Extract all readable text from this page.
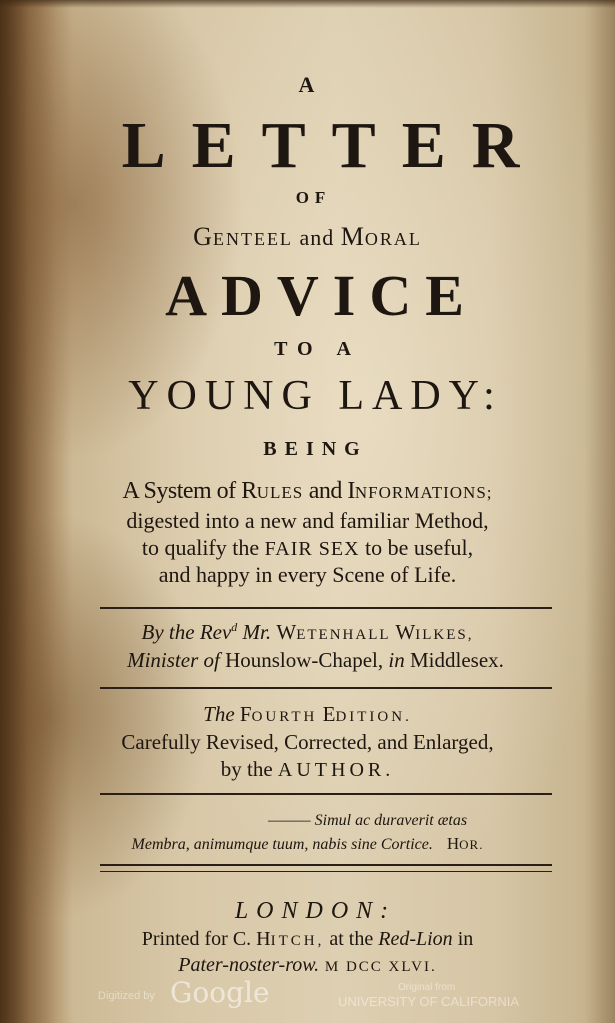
A
LETTER
OF
GENTEEL and MORAL
ADVICE
TO A
YOUNG LADY:
BEING
A System of RULES and INFORMATIONS;
digested into a new and familiar Method,
to qualify the FAIR SEX to be useful,
and happy in every Scene of Life.
By the Rev$^d$ Mr. WETENHALL WILKES,
Minister of Hounslow-Chapel, in Middlesex.
The FOURTH EDITION.
Carefully Revised, Corrected, and Enlarged,
by the AUTHOR.
——— Simul ac duraverit ætas
Membra, animumque tuum, nabis sine Cortice. HOR.
LONDON:
Printed for C. HITCH, at the Red-Lion in
Pater-noster-row. M DCC XLVI.
Digitized by Google	Original from
UNIVERSITY OF CALIFORNIA
